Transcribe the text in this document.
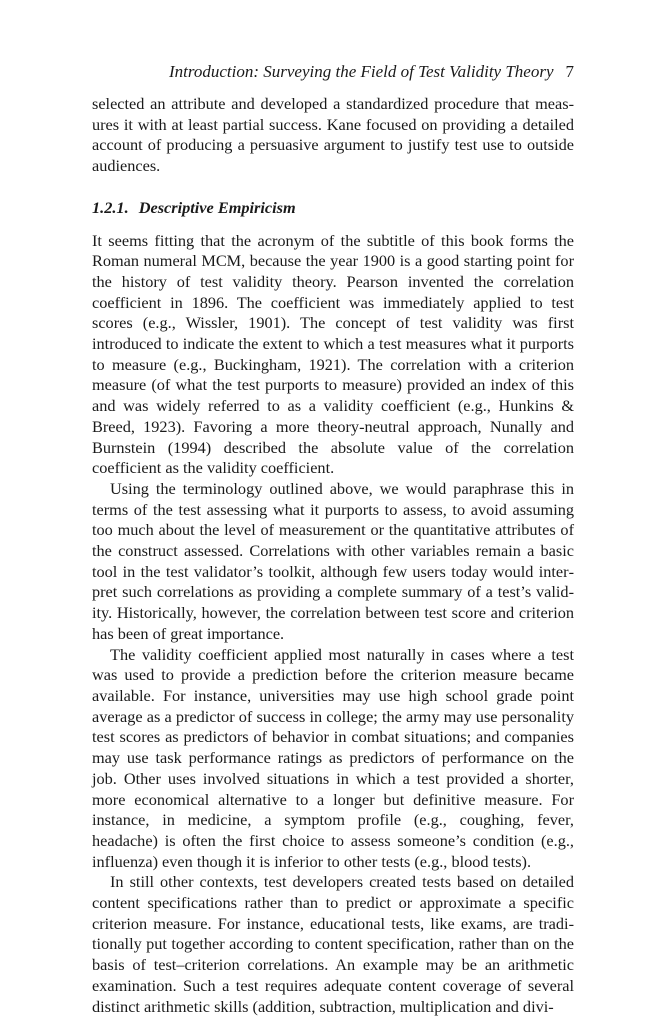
Introduction: Surveying the Field of Test Validity Theory 7

selected an attribute and developed a standardized procedure that measures it with at least partial success. Kane focused on providing a detailed account of producing a persuasive argument to justify test use to outside audiences.

1.2.1. Descriptive Empiricism

It seems fitting that the acronym of the subtitle of this book forms the Roman numeral MCM, because the year 1900 is a good starting point for the history of test validity theory. Pearson invented the correlation coefficient in 1896. The coefficient was immediately applied to test scores (e.g., Wissler, 1901). The concept of test validity was first introduced to indicate the extent to which a test measures what it purports to measure (e.g., Buckingham, 1921). The correlation with a criterion measure (of what the test purports to measure) provided an index of this and was widely referred to as a validity coefficient (e.g., Hunkins & Breed, 1923). Favoring a more theory-neutral approach, Nunally and Burnstein (1994) described the absolute value of the correlation coefficient as the validity coefficient.

Using the terminology outlined above, we would paraphrase this in terms of the test assessing what it purports to assess, to avoid assuming too much about the level of measurement or the quantitative attributes of the construct assessed. Correlations with other variables remain a basic tool in the test validator’s toolkit, although few users today would interpret such correlations as providing a complete summary of a test’s validity. Historically, however, the correlation between test score and criterion has been of great importance.

The validity coefficient applied most naturally in cases where a test was used to provide a prediction before the criterion measure became available. For instance, universities may use high school grade point average as a predictor of success in college; the army may use personality test scores as predictors of behavior in combat situations; and companies may use task performance ratings as predictors of performance on the job. Other uses involved situations in which a test provided a shorter, more economical alternative to a longer but definitive measure. For instance, in medicine, a symptom profile (e.g., coughing, fever, headache) is often the first choice to assess someone’s condition (e.g., influenza) even though it is inferior to other tests (e.g., blood tests).

In still other contexts, test developers created tests based on detailed content specifications rather than to predict or approximate a specific criterion measure. For instance, educational tests, like exams, are traditionally put together according to content specification, rather than on the basis of test–criterion correlations. An example may be an arithmetic examination. Such a test requires adequate content coverage of several distinct arithmetic skills (addition, subtraction, multiplication and divi-
